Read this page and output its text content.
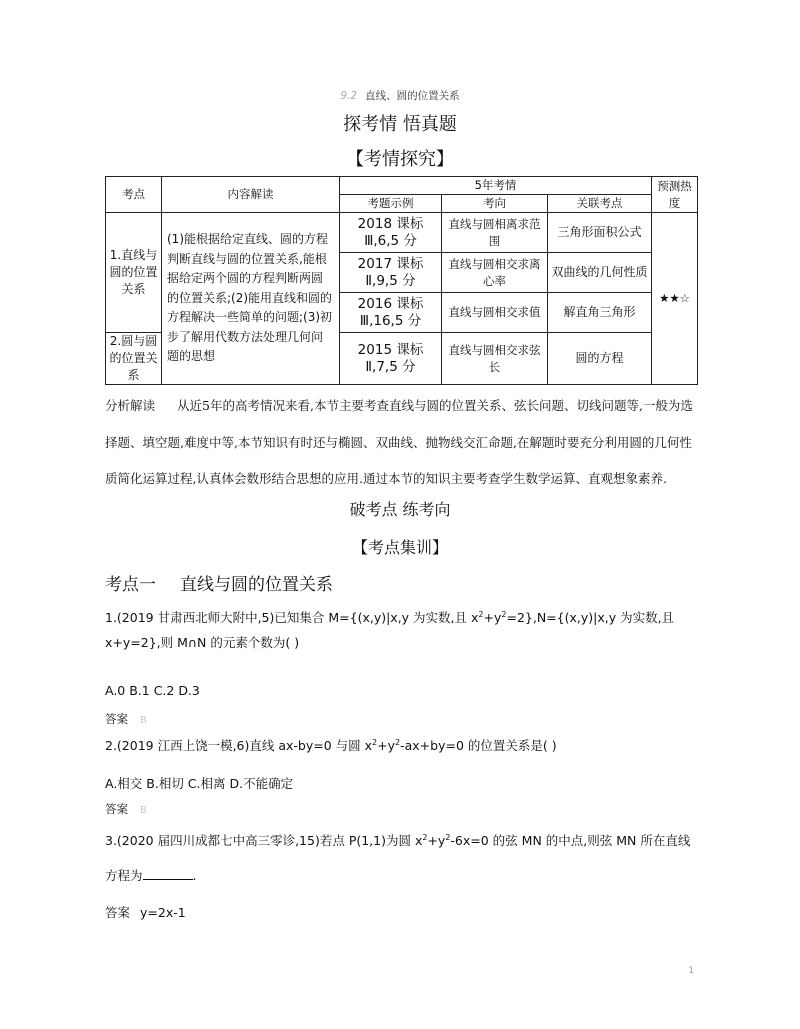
9.2 直线、圆的位置关系
探考情 悟真题
【考情探究】
考点	内容解读	5年考情			预测热度
		考题示例	考向	关联考点	
1.直线与圆的位置关系	(1)能根据给定直线、圆的方程判断直线与圆的位置关系,能根据给定两个圆的方程判断两圆的位置关系;(2)能用直线和圆的方程解决一些简单的问题;(3)初步了解用代数方法处理几何问题的思想	2018 课标Ⅲ,6,5 分	直线与圆相离求范围	三角形面积公式	★★☆
		2017 课标Ⅱ,9,5 分	直线与圆相交求离心率	双曲线的几何性质	
		2016 课标Ⅲ,16,5 分	直线与圆相交求值	解直角三角形	
2.圆与圆的位置关系		2015 课标Ⅱ,7,5 分	直线与圆相交求弦长	圆的方程	
分析解读 从近5年的高考情况来看,本节主要考查直线与圆的位置关系、弦长问题、切线问题等,一般为选择题、填空题,难度中等,本节知识有时还与椭圆、双曲线、抛物线交汇命题,在解题时要充分利用圆的几何性质简化运算过程,认真体会数形结合思想的应用.通过本节的知识主要考查学生数学运算、直观想象素养.
破考点 练考向
【考点集训】
考点一 直线与圆的位置关系
1.(2019 甘肃西北师大附中,5)已知集合 M={(x,y)|x,y 为实数,且 $x^2+y^2=2\},N=\{(x,y)|x,y$ 为实数,且 x+y=2},则 M∩N 的元素个数为( )
A.0 B.1 C.2 D.3
答案 B
2.(2019 江西上饶一模,6)直线 ax-by=0 与圆 $x^2+y^2-ax+by=0$ 的位置关系是( )
A.相交 B.相切 C.相离 D.不能确定
答案 B
3.(2020 届四川成都七中高三零诊,15)若点 P(1,1)为圆 $x^2+y^2-6x=0$ 的弦 MN 的中点,则弦 MN 所在直线方程为	.
答案 y=2x-1
1
